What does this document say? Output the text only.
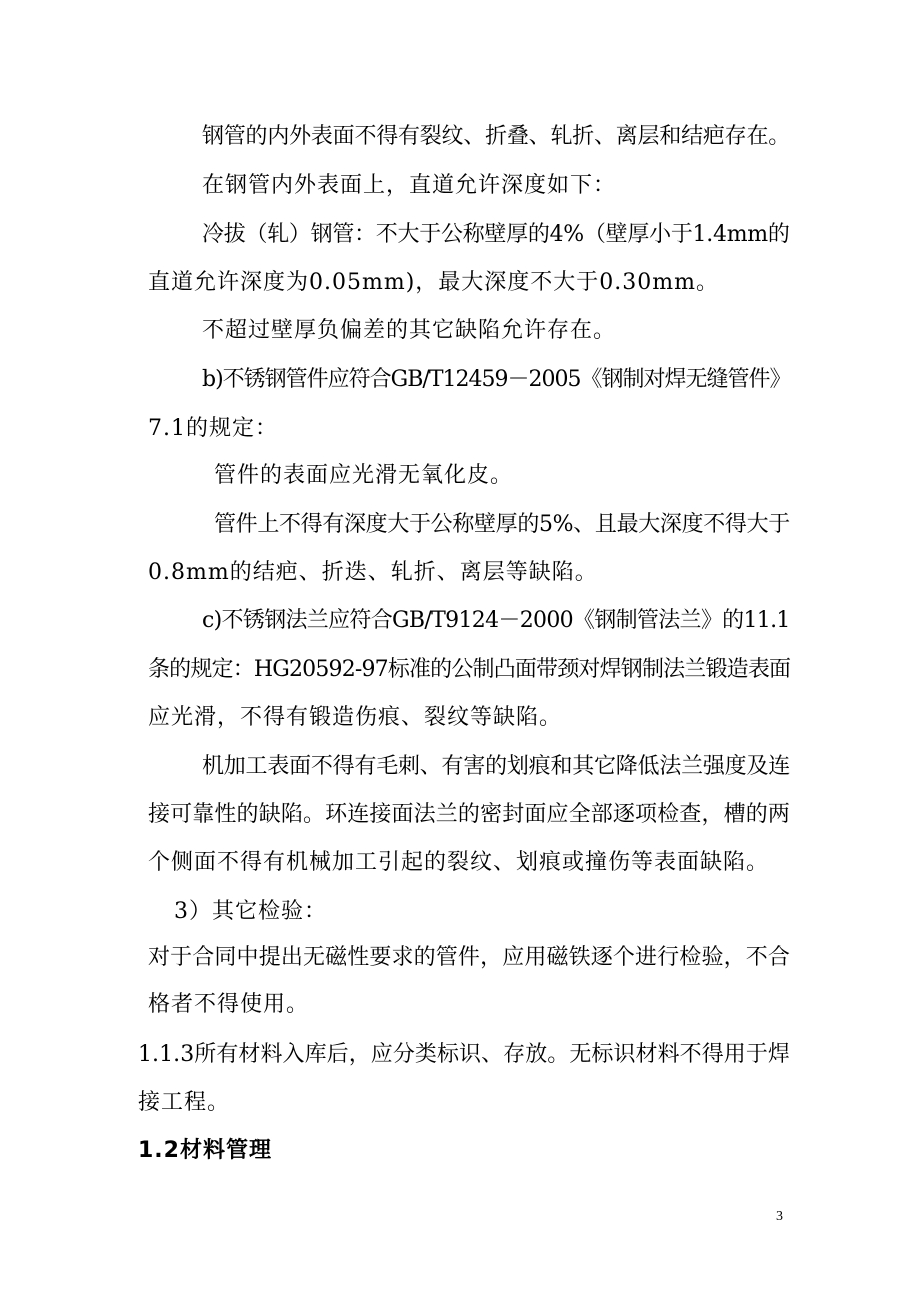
钢管的内外表面不得有裂纹、折叠、轧折、离层和结疤存在。
在钢管内外表面上，直道允许深度如下：
冷拔（轧）钢管：不大于公称壁厚的4%（壁厚小于1.4mm的
直道允许深度为0.05mm)，最大深度不大于0.30mm。
不超过壁厚负偏差的其它缺陷允许存在。
b)不锈钢管件应符合GB/T12459－2005《钢制对焊无缝管件》
7.1的规定：
管件的表面应光滑无氧化皮。
管件上不得有深度大于公称壁厚的5%、且最大深度不得大于
0.8mm的结疤、折迭、轧折、离层等缺陷。
c)不锈钢法兰应符合GB/T9124－2000《钢制管法兰》的11.1
条的规定：HG20592-97标准的公制凸面带颈对焊钢制法兰锻造表面
应光滑，不得有锻造伤痕、裂纹等缺陷。
机加工表面不得有毛刺、有害的划痕和其它降低法兰强度及连
接可靠性的缺陷。环连接面法兰的密封面应全部逐项检查，槽的两
个侧面不得有机械加工引起的裂纹、划痕或撞伤等表面缺陷。
3）其它检验：
对于合同中提出无磁性要求的管件，应用磁铁逐个进行检验，不合
格者不得使用。
1.1.3所有材料入库后，应分类标识、存放。无标识材料不得用于焊
接工程。
1.2材料管理
3
